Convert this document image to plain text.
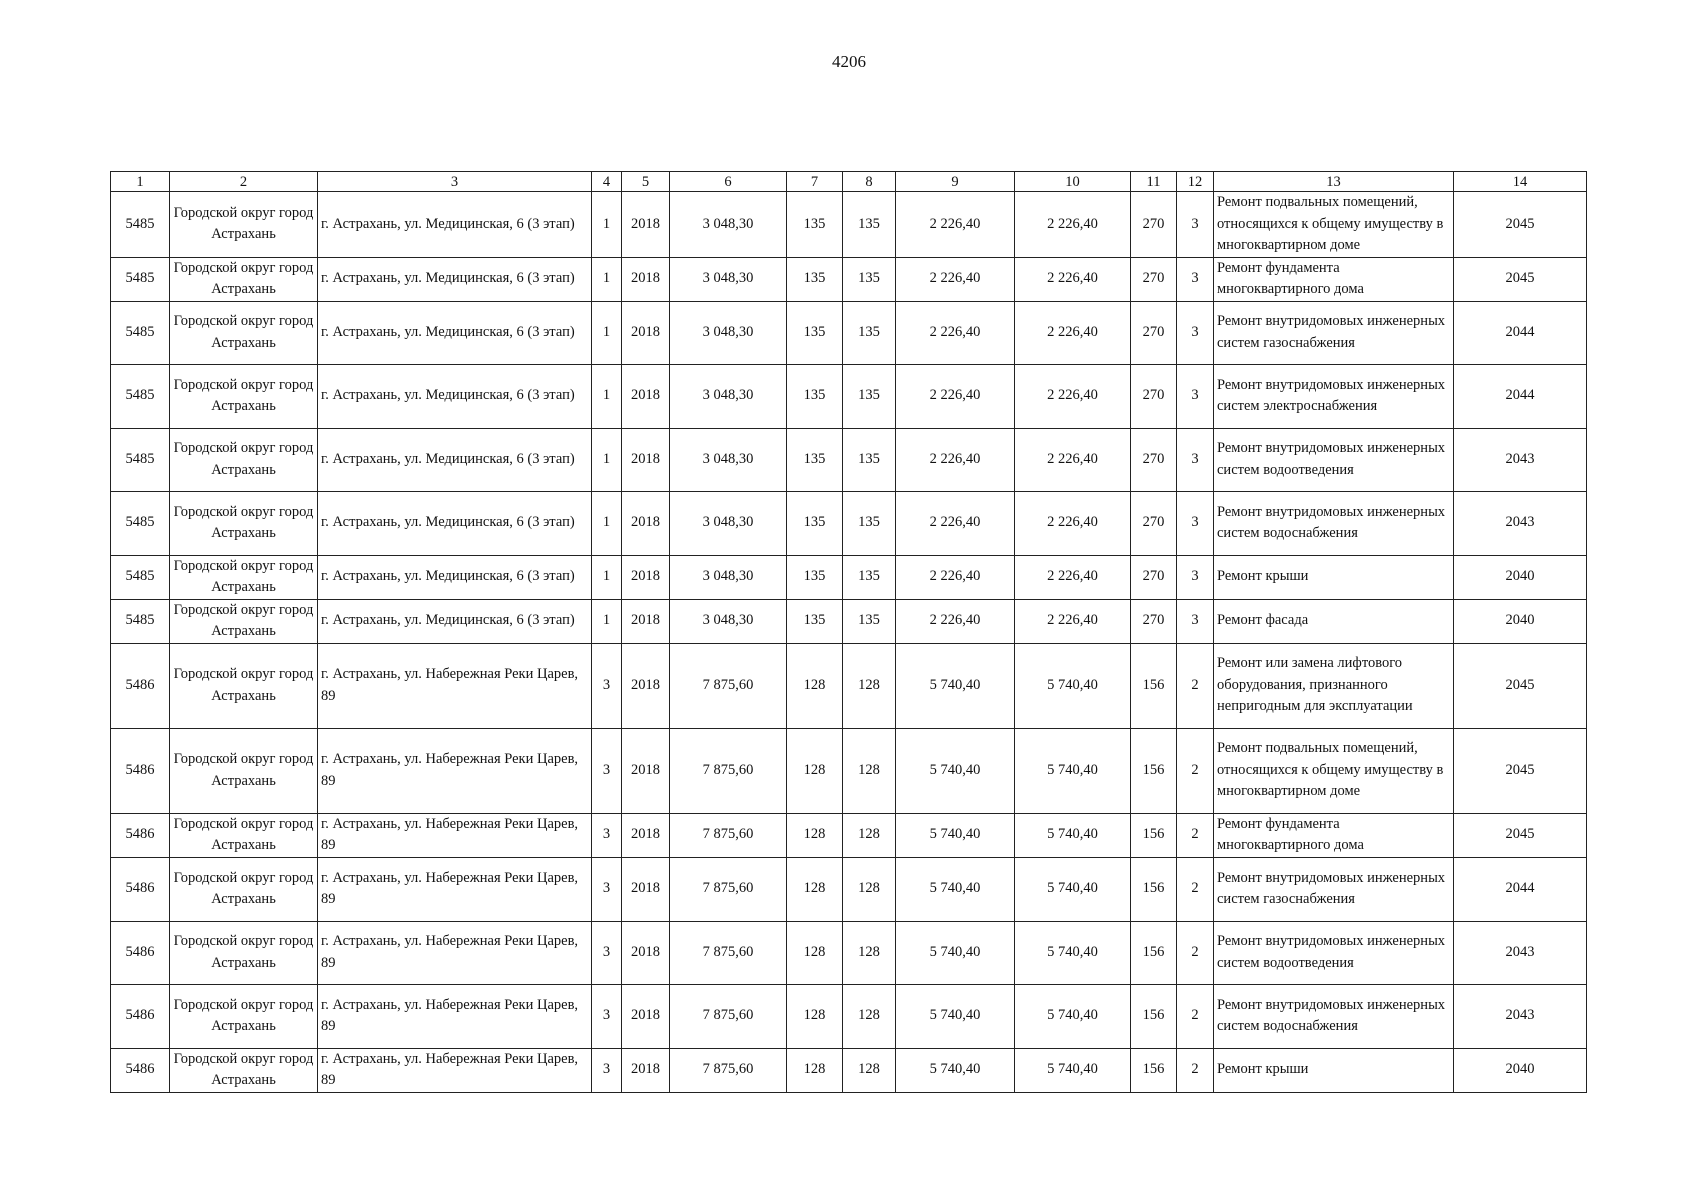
4206
1	2	3	4	5	6	7	8	9	10	11	12	13	14
5485	Городской округ город Астрахань	г. Астрахань, ул. Медицинская, 6 (3 этап)	1	2018	3 048,30	135	135	2 226,40	2 226,40	270	3	Ремонт подвальных помещений, относящихся к общему имуществу в многоквартирном доме	2045
5485	Городской округ город Астрахань	г. Астрахань, ул. Медицинская, 6 (3 этап)	1	2018	3 048,30	135	135	2 226,40	2 226,40	270	3	Ремонт фундамента многоквартирного дома	2045
5485	Городской округ город Астрахань	г. Астрахань, ул. Медицинская, 6 (3 этап)	1	2018	3 048,30	135	135	2 226,40	2 226,40	270	3	Ремонт внутридомовых инженерных систем газоснабжения	2044
5485	Городской округ город Астрахань	г. Астрахань, ул. Медицинская, 6 (3 этап)	1	2018	3 048,30	135	135	2 226,40	2 226,40	270	3	Ремонт внутридомовых инженерных систем электроснабжения	2044
5485	Городской округ город Астрахань	г. Астрахань, ул. Медицинская, 6 (3 этап)	1	2018	3 048,30	135	135	2 226,40	2 226,40	270	3	Ремонт внутридомовых инженерных систем водоотведения	2043
5485	Городской округ город Астрахань	г. Астрахань, ул. Медицинская, 6 (3 этап)	1	2018	3 048,30	135	135	2 226,40	2 226,40	270	3	Ремонт внутридомовых инженерных систем водоснабжения	2043
5485	Городской округ город Астрахань	г. Астрахань, ул. Медицинская, 6 (3 этап)	1	2018	3 048,30	135	135	2 226,40	2 226,40	270	3	Ремонт крыши	2040
5485	Городской округ город Астрахань	г. Астрахань, ул. Медицинская, 6 (3 этап)	1	2018	3 048,30	135	135	2 226,40	2 226,40	270	3	Ремонт фасада	2040
5486	Городской округ город Астрахань	г. Астрахань, ул. Набережная Реки Царев, 89	3	2018	7 875,60	128	128	5 740,40	5 740,40	156	2	Ремонт или замена лифтового оборудования, признанного непригодным для эксплуатации	2045
5486	Городской округ город Астрахань	г. Астрахань, ул. Набережная Реки Царев, 89	3	2018	7 875,60	128	128	5 740,40	5 740,40	156	2	Ремонт подвальных помещений, относящихся к общему имуществу в многоквартирном доме	2045
5486	Городской округ город Астрахань	г. Астрахань, ул. Набережная Реки Царев, 89	3	2018	7 875,60	128	128	5 740,40	5 740,40	156	2	Ремонт фундамента многоквартирного дома	2045
5486	Городской округ город Астрахань	г. Астрахань, ул. Набережная Реки Царев, 89	3	2018	7 875,60	128	128	5 740,40	5 740,40	156	2	Ремонт внутридомовых инженерных систем газоснабжения	2044
5486	Городской округ город Астрахань	г. Астрахань, ул. Набережная Реки Царев, 89	3	2018	7 875,60	128	128	5 740,40	5 740,40	156	2	Ремонт внутридомовых инженерных систем водоотведения	2043
5486	Городской округ город Астрахань	г. Астрахань, ул. Набережная Реки Царев, 89	3	2018	7 875,60	128	128	5 740,40	5 740,40	156	2	Ремонт внутридомовых инженерных систем водоснабжения	2043
5486	Городской округ город Астрахань	г. Астрахань, ул. Набережная Реки Царев, 89	3	2018	7 875,60	128	128	5 740,40	5 740,40	156	2	Ремонт крыши	2040
